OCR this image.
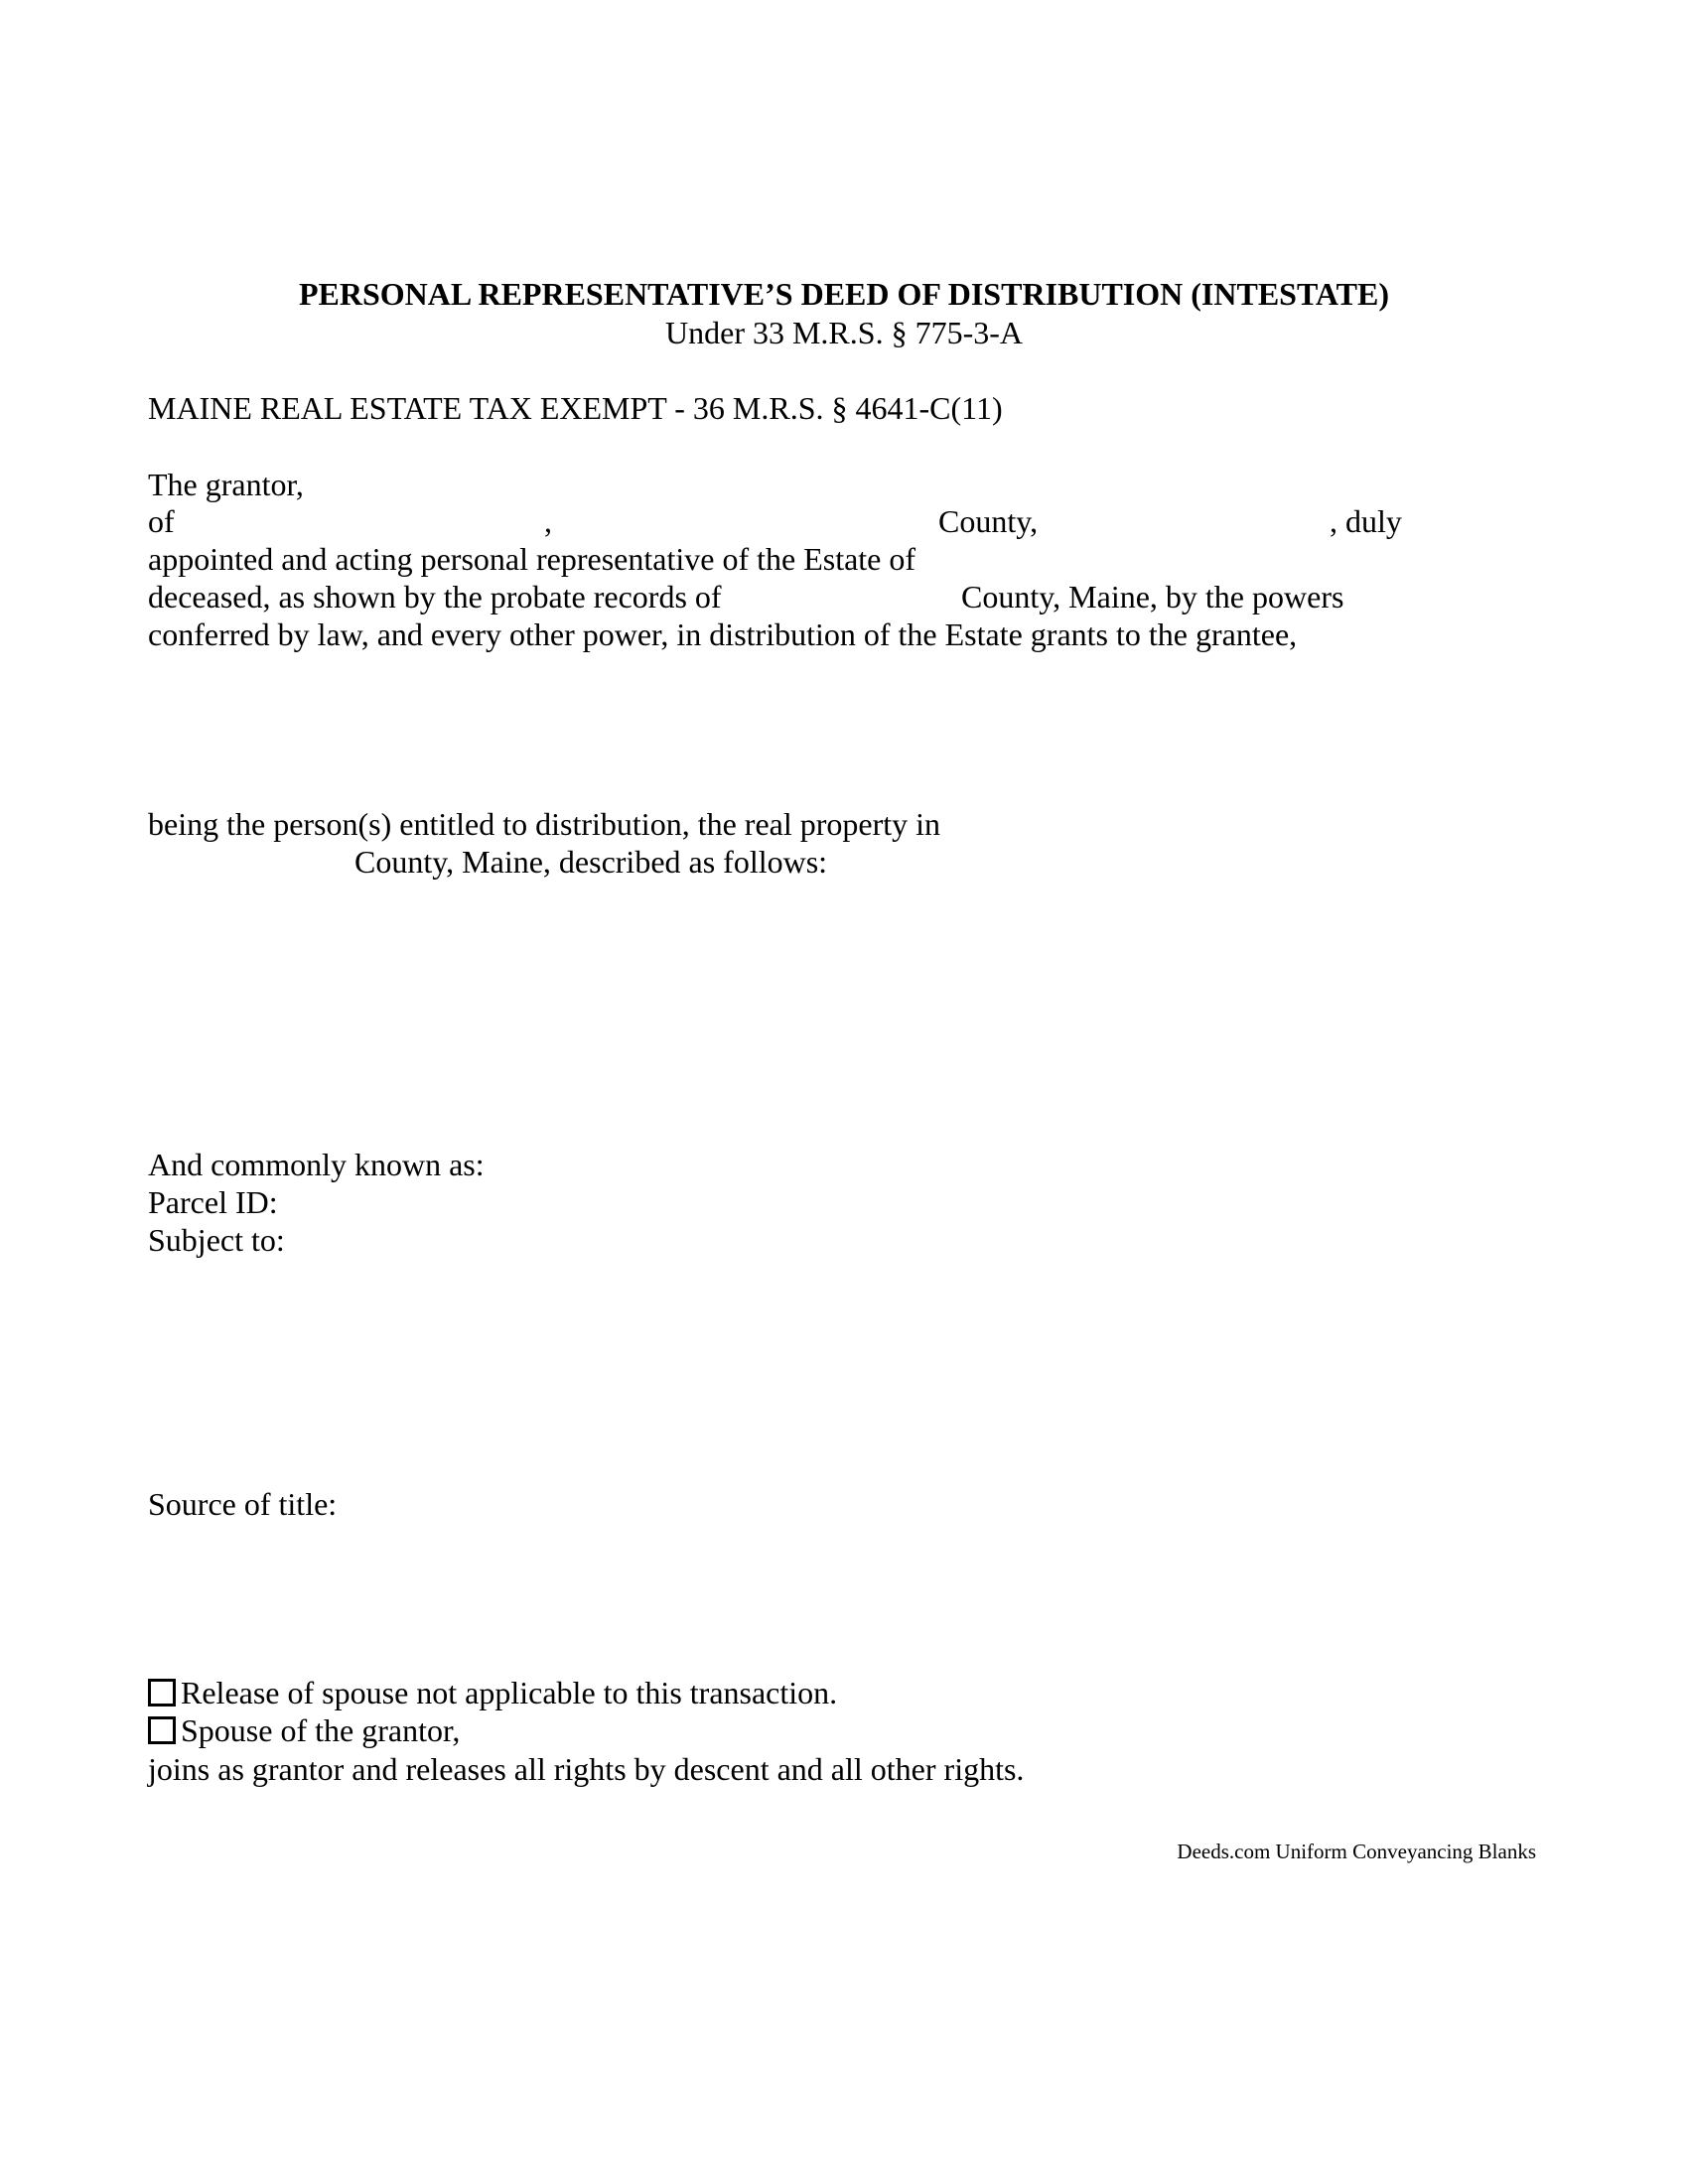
PERSONAL REPRESENTATIVE’S DEED OF DISTRIBUTION (INTESTATE)
Under 33 M.R.S. § 775-3-A
MAINE REAL ESTATE TAX EXEMPT - 36 M.R.S. § 4641-C(11)
The grantor,
of	,	County,	, duly
appointed and acting personal representative of the Estate of
deceased, as shown by the probate records of	County, Maine, by the powers
conferred by law, and every other power, in distribution of the Estate grants to the grantee,
being the person(s) entitled to distribution, the real property in
County, Maine, described as follows:
And commonly known as:
Parcel ID:
Subject to:
Source of title:
Release of spouse not applicable to this transaction.
Spouse of the grantor,
joins as grantor and releases all rights by descent and all other rights.
Deeds.com Uniform Conveyancing Blanks
